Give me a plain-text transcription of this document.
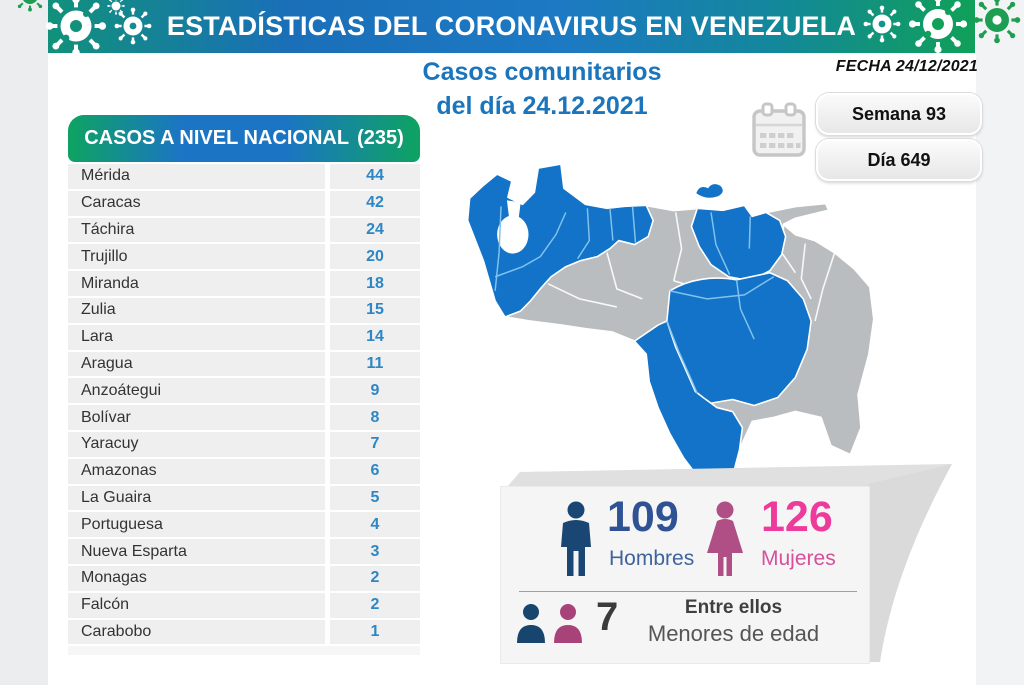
ESTADÍSTICAS DEL CORONAVIRUS EN VENEZUELA
Casos comunitarios
del día 24.12.2021
FECHA 24/12/2021
Semana 93
Día 649
CASOS A NIVEL NACIONAL (235)
Mérida	44
Caracas	42
Táchira	24
Trujillo	20
Miranda	18
Zulia	15
Lara	14
Aragua	11
Anzoátegui	9
Bolívar	8
Yaracuy	7
Amazonas	6
La Guaira	5
Portuguesa	4
Nueva Esparta	3
Monagas	2
Falcón	2
Carabobo	1
109
Hombres
126
Mujeres
7	Entre ellos
Menores de edad
